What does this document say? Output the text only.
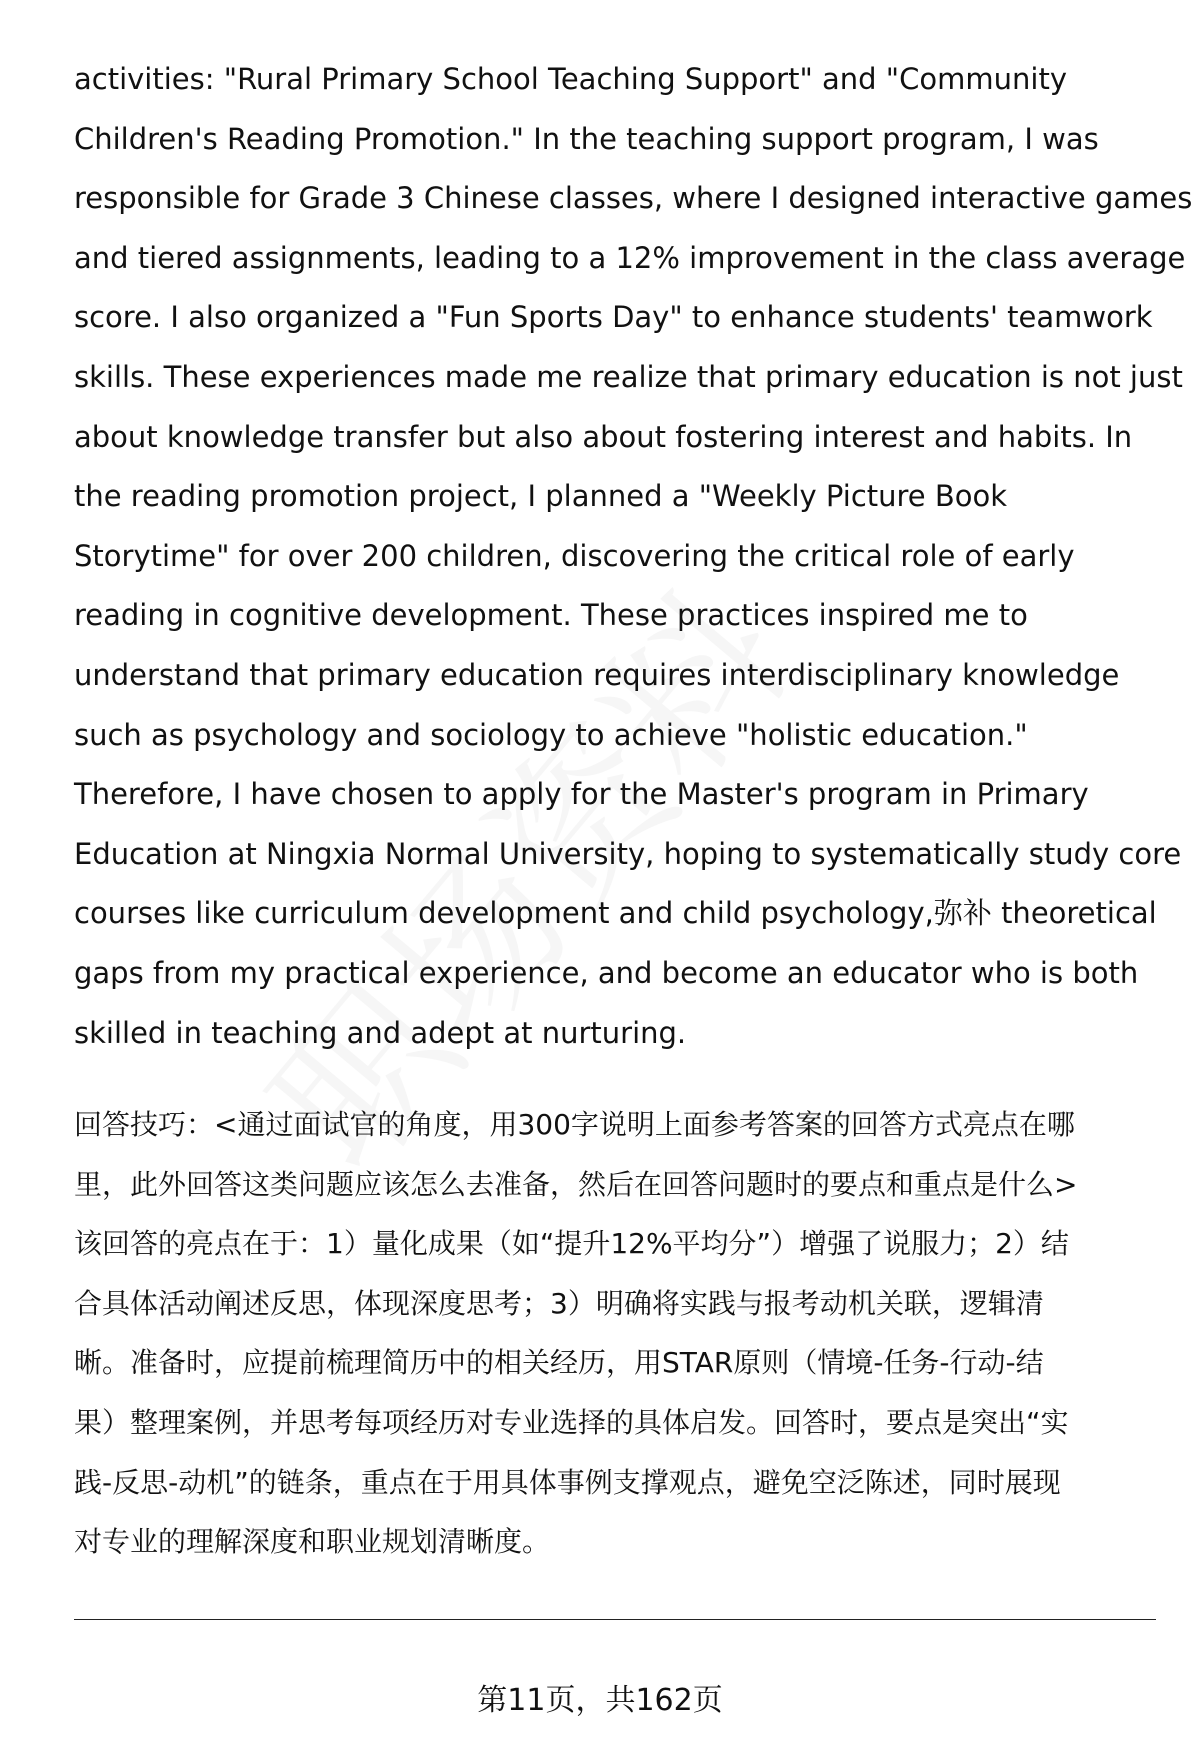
activities: "Rural Primary School Teaching Support" and "Community
Children's Reading Promotion." In the teaching support program, I was
responsible for Grade 3 Chinese classes, where I designed interactive games
and tiered assignments, leading to a 12% improvement in the class average
score. I also organized a "Fun Sports Day" to enhance students' teamwork
skills. These experiences made me realize that primary education is not just
about knowledge transfer but also about fostering interest and habits. In
the reading promotion project, I planned a "Weekly Picture Book
Storytime" for over 200 children, discovering the critical role of early
reading in cognitive development. These practices inspired me to
understand that primary education requires interdisciplinary knowledge
such as psychology and sociology to achieve "holistic education."
Therefore, I have chosen to apply for the Master's program in Primary
Education at Ningxia Normal University, hoping to systematically study core
courses like curriculum development and child psychology,弥补 theoretical
gaps from my practical experience, and become an educator who is both
skilled in teaching and adept at nurturing.
回答技巧：<通过面试官的角度，用300字说明上面参考答案的回答方式亮点在哪
里，此外回答这类问题应该怎么去准备，然后在回答问题时的要点和重点是什么>
该回答的亮点在于：1）量化成果（如“提升12%平均分”）增强了说服力；2）结
合具体活动阐述反思，体现深度思考；3）明确将实践与报考动机关联，逻辑清
晰。准备时，应提前梳理简历中的相关经历，用STAR原则（情境-任务-行动-结
果）整理案例，并思考每项经历对专业选择的具体启发。回答时，要点是突出“实
践-反思-动机”的链条，重点在于用具体事例支撑观点，避免空泛陈述，同时展现
对专业的理解深度和职业规划清晰度。
第11页，共162页
